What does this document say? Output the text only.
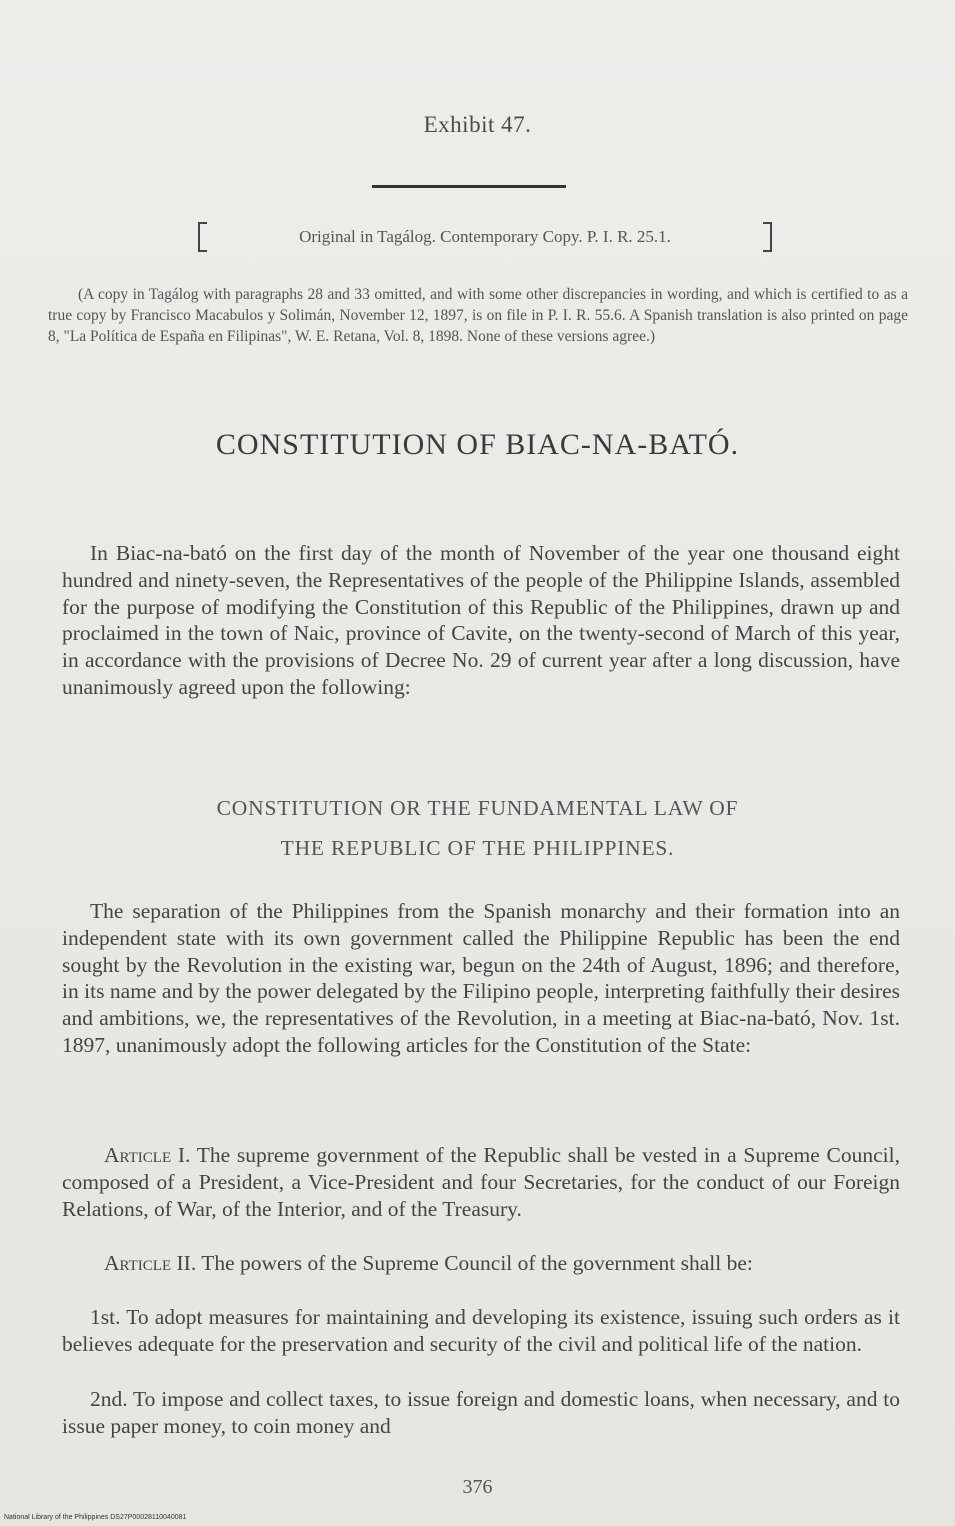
Exhibit 47.
Original in Tagálog. Contemporary Copy. P. I. R. 25.1.
(A copy in Tagálog with paragraphs 28 and 33 omitted, and with some other discrepancies in wording, and which is certified to as a true copy by Francisco Macabulos y Solimán, November 12, 1897, is on file in P. I. R. 55.6. A Spanish translation is also printed on page 8, "La Política de España en Filipinas", W. E. Retana, Vol. 8, 1898. None of these versions agree.)
CONSTITUTION OF BIAC-NA-BATÓ.
In Biac-na-bató on the first day of the month of November of the year one thousand eight hundred and ninety-seven, the Representatives of the people of the Philippine Islands, assembled for the purpose of modifying the Constitution of this Republic of the Philippines, drawn up and proclaimed in the town of Naic, province of Cavite, on the twenty-second of March of this year, in accordance with the provisions of Decree No. 29 of current year after a long discussion, have unanimously agreed upon the following:
CONSTITUTION OR THE FUNDAMENTAL LAW OF
THE REPUBLIC OF THE PHILIPPINES.
The separation of the Philippines from the Spanish monarchy and their formation into an independent state with its own government called the Philippine Republic has been the end sought by the Revolution in the existing war, begun on the 24th of August, 1896; and therefore, in its name and by the power delegated by the Filipino people, interpreting faithfully their desires and ambitions, we, the representatives of the Revolution, in a meeting at Biac-na-bató, Nov. 1st. 1897, unanimously adopt the following articles for the Constitution of the State:
Article I. The supreme government of the Republic shall be vested in a Supreme Council, composed of a President, a Vice-President and four Secretaries, for the conduct of our Foreign Relations, of War, of the Interior, and of the Treasury.
Article II. The powers of the Supreme Council of the government shall be:
1st. To adopt measures for maintaining and developing its existence, issuing such orders as it believes adequate for the preservation and security of the civil and political life of the nation.
2nd. To impose and collect taxes, to issue foreign and domestic loans, when necessary, and to issue paper money, to coin money and
376
National Library of the Philippines DS27P00028110040081
